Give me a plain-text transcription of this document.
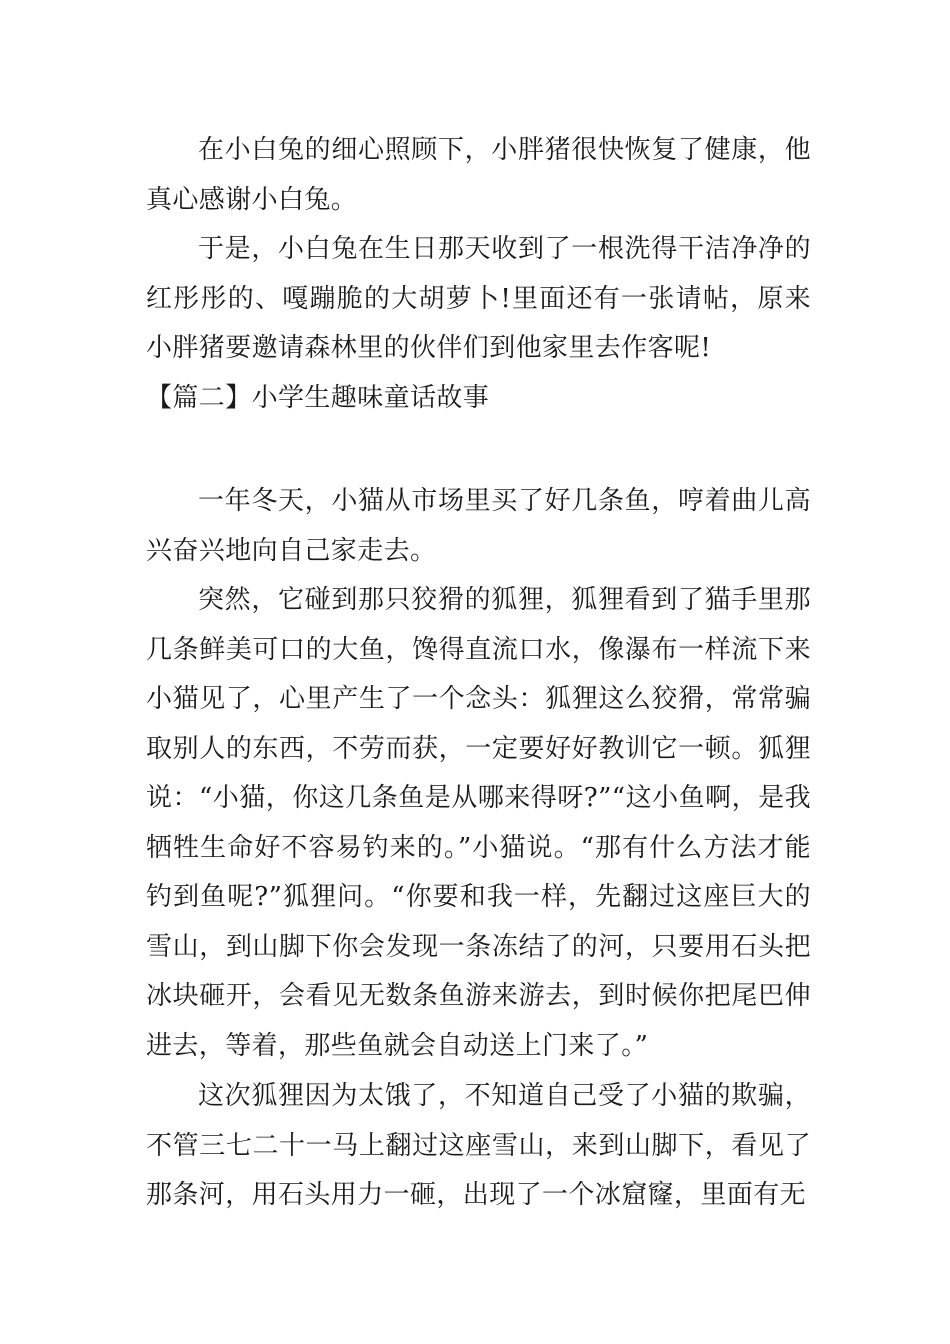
在小白兔的细心照顾下，小胖猪很快恢复了健康，他真心感谢小白兔。

于是，小白兔在生日那天收到了一根洗得干洁净净的红彤彤的、嘎蹦脆的大胡萝卜!里面还有一张请帖，原来小胖猪要邀请森林里的伙伴们到他家里去作客呢!

【篇二】小学生趣味童话故事

一年冬天，小猫从市场里买了好几条鱼，哼着曲儿高兴奋兴地向自己家走去。

突然，它碰到那只狡猾的狐狸，狐狸看到了猫手里那几条鲜美可口的大鱼，馋得直流口水，像瀑布一样流下来小猫见了，心里产生了一个念头：狐狸这么狡猾，常常骗取别人的东西，不劳而获，一定要好好教训它一顿。狐狸说：“小猫，你这几条鱼是从哪来得呀?”“这小鱼啊，是我牺牲生命好不容易钓来的。”小猫说。“那有什么方法才能钓到鱼呢?”狐狸问。“你要和我一样，先翻过这座巨大的雪山，到山脚下你会发现一条冻结了的河，只要用石头把冰块砸开，会看见无数条鱼游来游去，到时候你把尾巴伸进去，等着，那些鱼就会自动送上门来了。”

这次狐狸因为太饿了，不知道自己受了小猫的欺骗，不管三七二十一马上翻过这座雪山，来到山脚下，看见了那条河，用石头用力一砸，出现了一个冰窟窿，里面有无
